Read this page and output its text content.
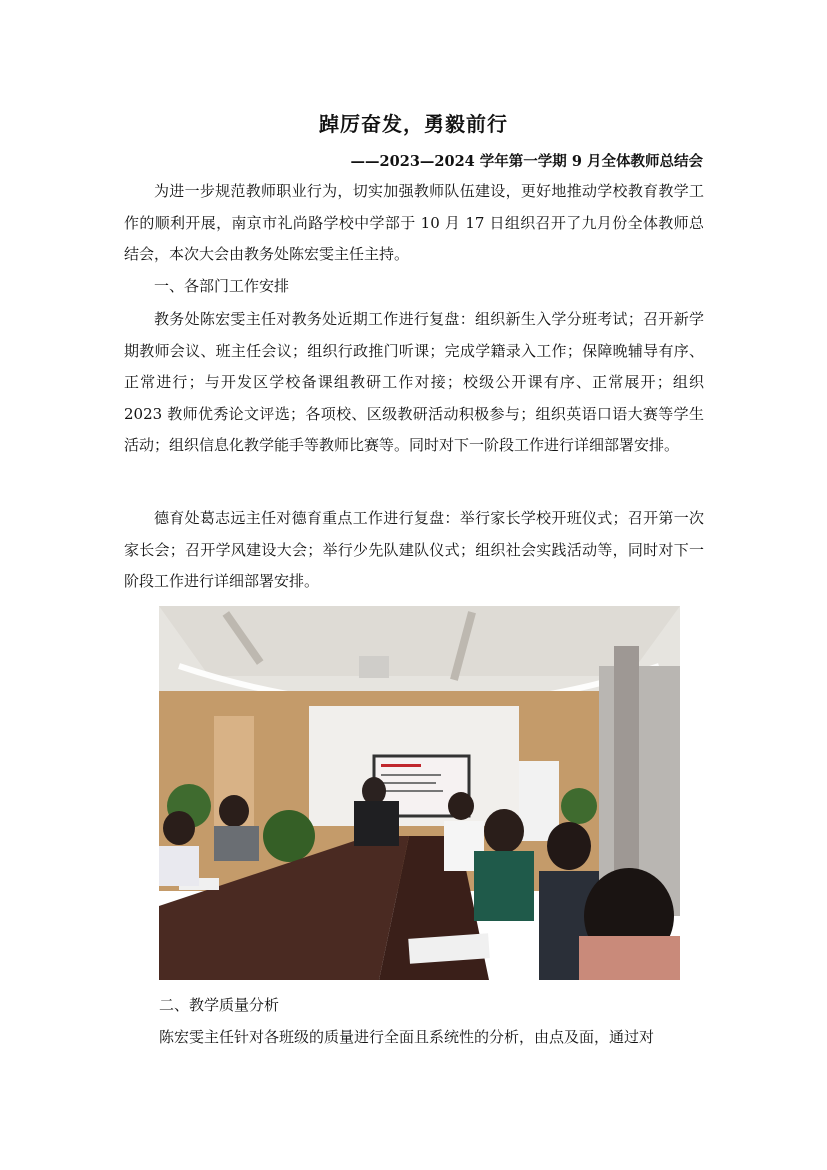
踔厉奋发，勇毅前行
——2023—2024 学年第一学期 9 月全体教师总结会

为进一步规范教师职业行为，切实加强教师队伍建设，更好地推动学校教育教学工作的顺利开展，南京市礼尚路学校中学部于 10 月 17 日组织召开了九月份全体教师总结会，本次大会由教务处陈宏雯主任主持。

一、各部门工作安排

教务处陈宏雯主任对教务处近期工作进行复盘：组织新生入学分班考试；召开新学期教师会议、班主任会议；组织行政推门听课；完成学籍录入工作；保障晚辅导有序、正常进行；与开发区学校备课组教研工作对接；校级公开课有序、正常展开；组织 2023 教师优秀论文评选；各项校、区级教研活动积极参与；组织英语口语大赛等学生活动；组织信息化教学能手等教师比赛等。同时对下一阶段工作进行详细部署安排。

德育处葛志远主任对德育重点工作进行复盘：举行家长学校开班仪式；召开第一次家长会；召开学风建设大会；举行少先队建队仪式；组织社会实践活动等，同时对下一阶段工作进行详细部署安排。

二、教学质量分析
陈宏雯主任针对各班级的质量进行全面且系统性的分析，由点及面，通过对
